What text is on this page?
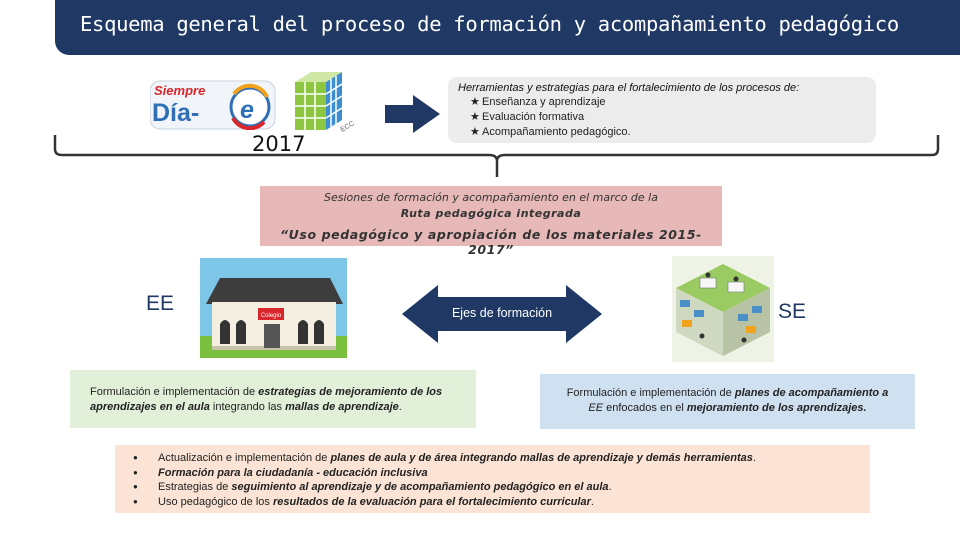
Esquema general del proceso de formación y acompañamiento pedagógico
Siempre
Día- e
ECC
2017
Herramientas y estrategias para el fortalecimiento de los procesos de:
★ Enseñanza y aprendizaje
★ Evaluación formativa
★ Acompañamiento pedagógico.
Sesiones de formación y acompañamiento en el marco de la
Ruta pedagógica integrada
“Uso pedagógico y apropiación de los materiales 2015-2017”
Colegio
EE	Ejes de formación	SE
Formulación e implementación de estrategias de mejoramiento de los aprendizajes en el aula integrando las mallas de aprendizaje.
Formulación e implementación de planes de acompañamiento a
EE enfocados en el mejoramiento de los aprendizajes.
●	Actualización e implementación de planes de aula y de área integrando mallas de aprendizaje y demás herramientas.
●	Formación para la ciudadanía - educación inclusiva
●	Estrategias de seguimiento al aprendizaje y de acompañamiento pedagógico en el aula.
●	Uso pedagógico de los resultados de la evaluación para el fortalecimiento curricular.
